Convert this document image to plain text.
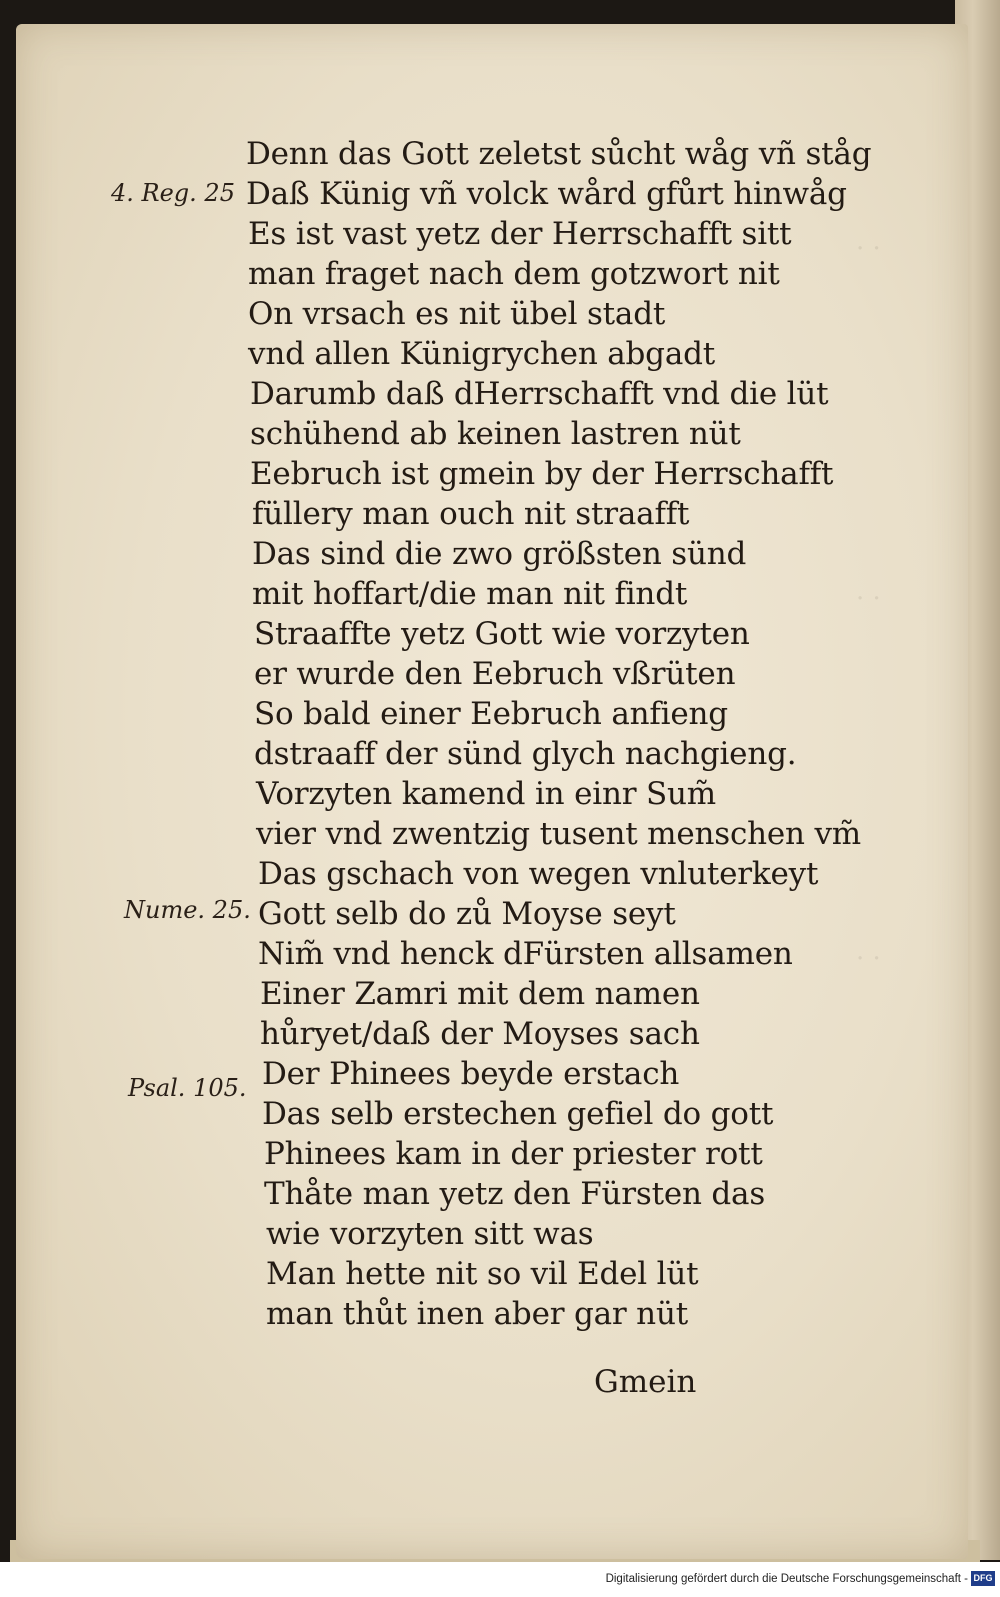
· ·
· ·
· ·
4. Reg. 25
Nume. 25.
Psal. 105.
Denn das Gott zeletst sůcht wåg vñ ståg
Daß Künig vñ volck wård gfůrt hinwåg
Es ist vast yetz der Herrschafft sitt
man fraget nach dem gotzwort nit
On vrsach es nit übel stadt
vnd allen Künigrychen abgadt
Darumb daß dHerrschafft vnd die lüt
schühend ab keinen lastren nüt
Eebruch ist gmein by der Herrschafft
füllery man ouch nit straafft
Das sind die zwo größsten sünd
mit hoffart/die man nit findt
Straaffte yetz Gott wie vorzyten
er wurde den Eebruch vßrüten
So bald einer Eebruch anfieng
dstraaff der sünd glych nachgieng.
Vorzyten kamend in einr Sum̃
vier vnd zwentzig tusent menschen vm̃
Das gschach von wegen vnluterkeyt
Gott selb do zů Moyse seyt
Nim̃ vnd henck dFürsten allsamen
Einer Zamri mit dem namen
hůryet/daß der Moyses sach
Der Phinees beyde erstach
Das selb erstechen gefiel do gott
Phinees kam in der priester rott
Thåte man yetz den Fürsten das
wie vorzyten sitt was
Man hette nit so vil Edel lüt
man thůt inen aber gar nüt
Gmein
Digitalisierung gefördert durch die Deutsche Forschungsgemeinschaft - DFG
